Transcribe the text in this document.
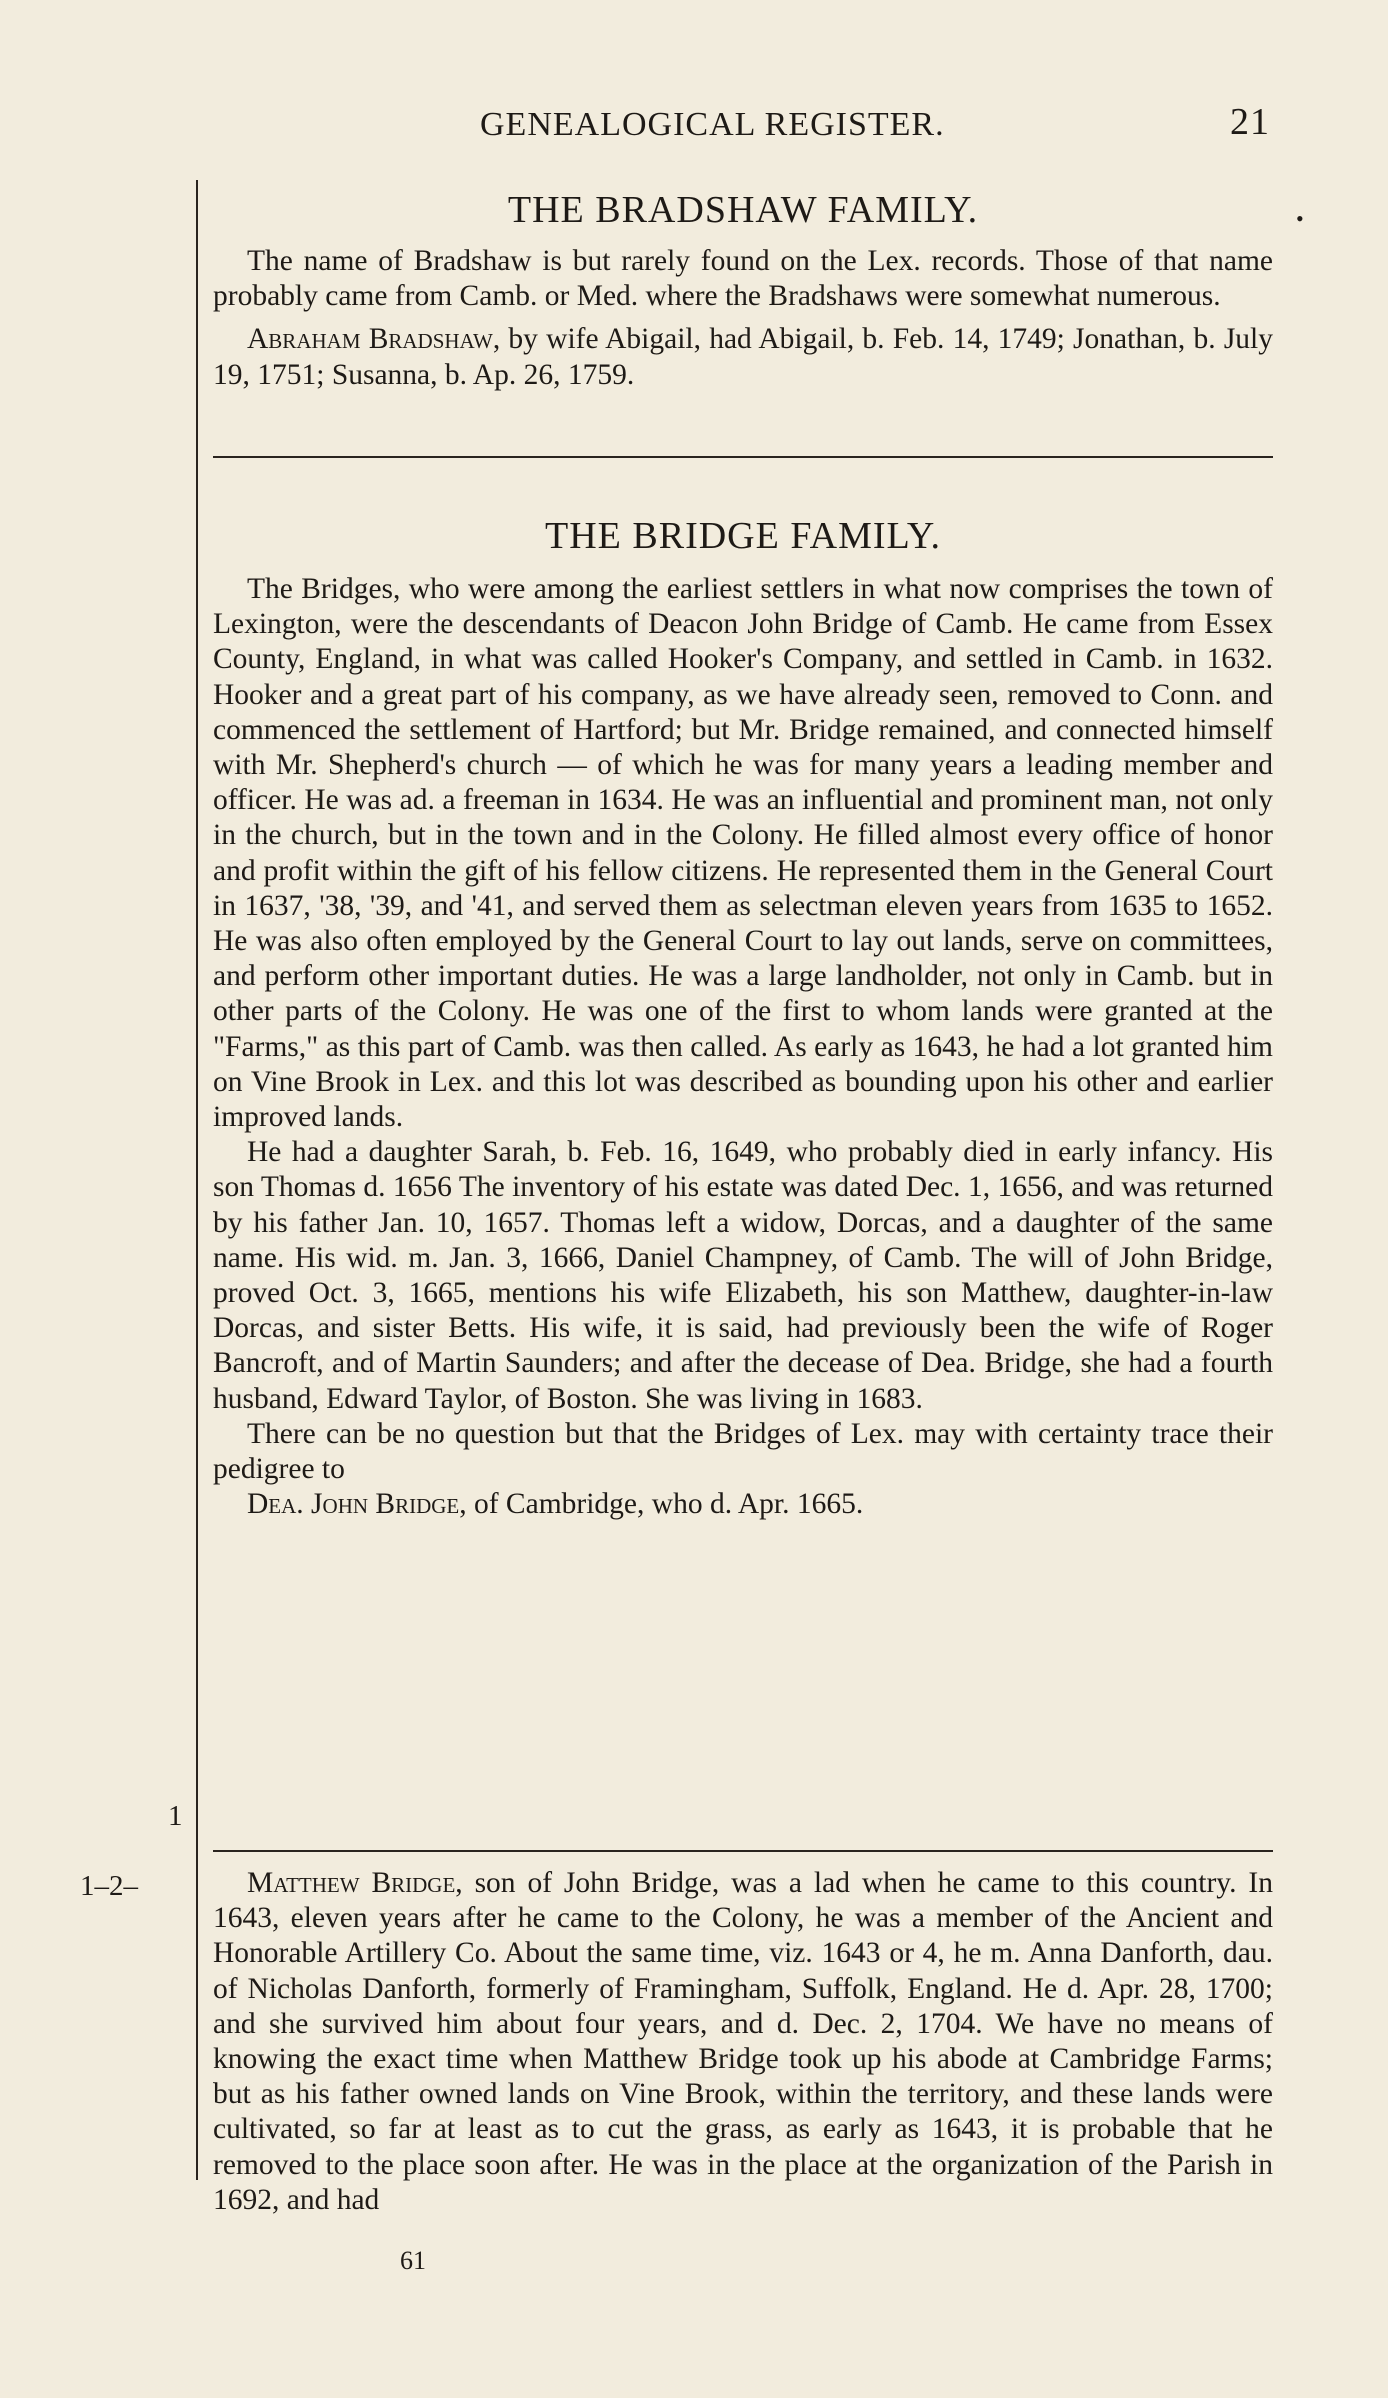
GENEALOGICAL REGISTER.	21
•
THE BRADSHAW FAMILY.

The name of Bradshaw is but rarely found on the Lex. records. Those of that name probably came from Camb. or Med. where the Bradshaws were somewhat numerous.

Abraham Bradshaw, by wife Abigail, had Abigail, b. Feb. 14, 1749; Jonathan, b. July 19, 1751; Susanna, b. Ap. 26, 1759.

THE BRIDGE FAMILY.

The Bridges, who were among the earliest settlers in what now comprises the town of Lexington, were the descendants of Deacon John Bridge of Camb. He came from Essex County, England, in what was called Hooker's Company, and settled in Camb. in 1632. Hooker and a great part of his company, as we have already seen, removed to Conn. and commenced the settlement of Hartford; but Mr. Bridge remained, and connected himself with Mr. Shepherd's church — of which he was for many years a leading member and officer. He was ad. a freeman in 1634. He was an influential and prominent man, not only in the church, but in the town and in the Colony. He filled almost every office of honor and profit within the gift of his fellow citizens. He represented them in the General Court in 1637, '38, '39, and '41, and served them as selectman eleven years from 1635 to 1652. He was also often employed by the General Court to lay out lands, serve on committees, and perform other important duties. He was a large landholder, not only in Camb. but in other parts of the Colony. He was one of the first to whom lands were granted at the "Farms," as this part of Camb. was then called. As early as 1643, he had a lot granted him on Vine Brook in Lex. and this lot was described as bounding upon his other and earlier improved lands.

He had a daughter Sarah, b. Feb. 16, 1649, who probably died in early infancy. His son Thomas d. 1656 The inventory of his estate was dated Dec. 1, 1656, and was returned by his father Jan. 10, 1657. Thomas left a widow, Dorcas, and a daughter of the same name. His wid. m. Jan. 3, 1666, Daniel Champney, of Camb. The will of John Bridge, proved Oct. 3, 1665, mentions his wife Elizabeth, his son Matthew, daughter-in-law Dorcas, and sister Betts. His wife, it is said, had previously been the wife of Roger Bancroft, and of Martin Saunders; and after the decease of Dea. Bridge, she had a fourth husband, Edward Taylor, of Boston. She was living in 1683.

There can be no question but that the Bridges of Lex. may with certainty trace their pedigree to

Dea. John Bridge, of Cambridge, who d. Apr. 1665.

1
1–2–	Matthew Bridge, son of John Bridge, was a lad when he came to this country. In 1643, eleven years after he came to the Colony, he was a member of the Ancient and Honorable Artillery Co. About the same time, viz. 1643 or 4, he m. Anna Danforth, dau. of Nicholas Danforth, formerly of Framingham, Suffolk, England. He d. Apr. 28, 1700; and she survived him about four years, and d. Dec. 2, 1704. We have no means of knowing the exact time when Matthew Bridge took up his abode at Cambridge Farms; but as his father owned lands on Vine Brook, within the territory, and these lands were cultivated, so far at least as to cut the grass, as early as 1643, it is probable that he removed to the place soon after. He was in the place at the organization of the Parish in 1692, and had

61
